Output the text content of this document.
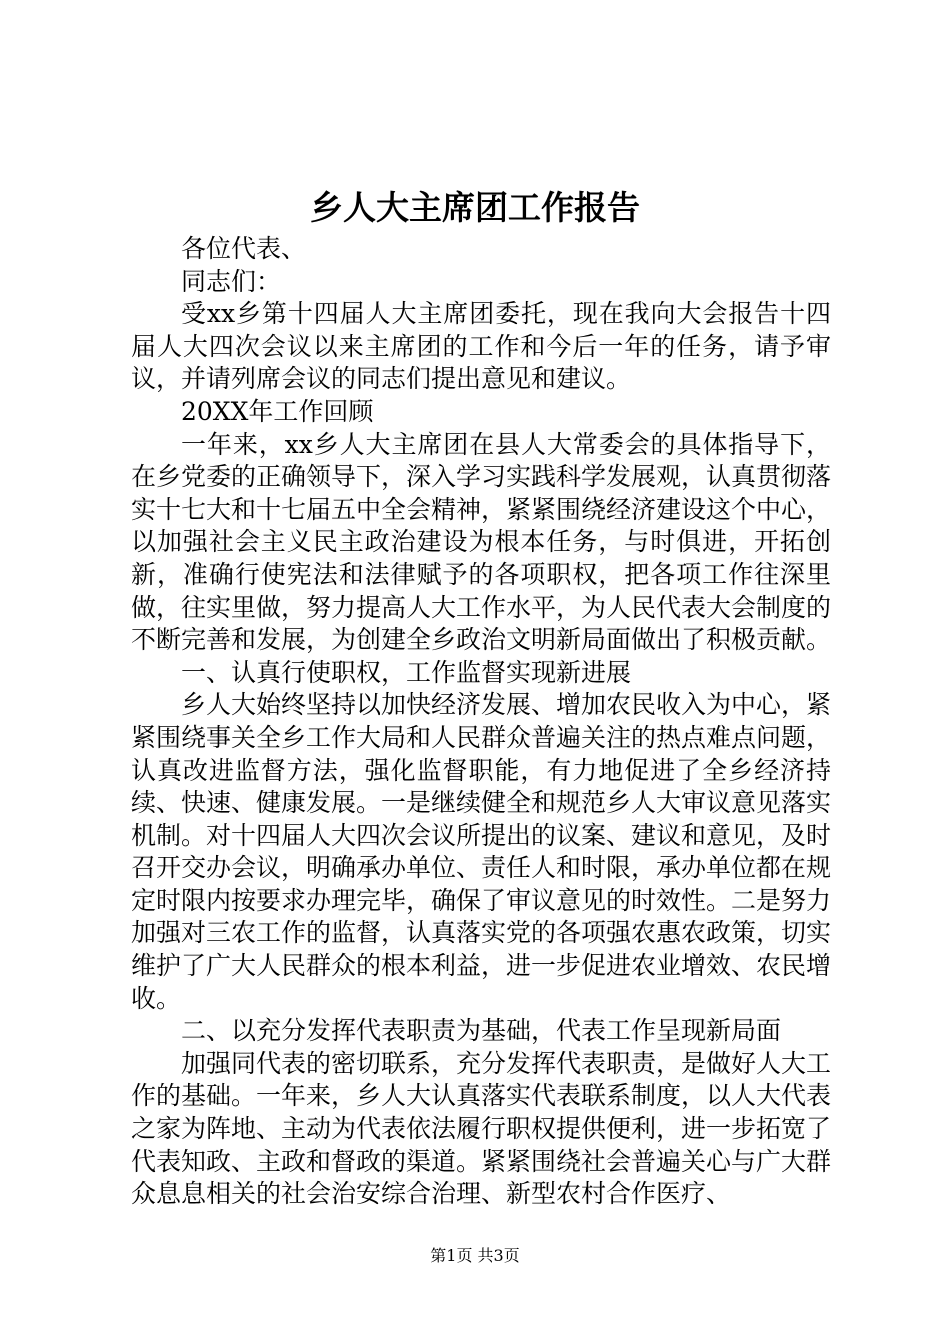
乡人大主席团工作报告

各位代表、

同志们：

受xx乡第十四届人大主席团委托，现在我向大会报告十四届人大四次会议以来主席团的工作和今后一年的任务，请予审议，并请列席会议的同志们提出意见和建议。

20XX年工作回顾

一年来，xx乡人大主席团在县人大常委会的具体指导下，在乡党委的正确领导下，深入学习实践科学发展观，认真贯彻落实十七大和十七届五中全会精神，紧紧围绕经济建设这个中心，以加强社会主义民主政治建设为根本任务，与时俱进，开拓创新，准确行使宪法和法律赋予的各项职权，把各项工作往深里做，往实里做，努力提高人大工作水平，为人民代表大会制度的不断完善和发展，为创建全乡政治文明新局面做出了积极贡献。

一、认真行使职权，工作监督实现新进展

乡人大始终坚持以加快经济发展、增加农民收入为中心，紧紧围绕事关全乡工作大局和人民群众普遍关注的热点难点问题，认真改进监督方法，强化监督职能，有力地促进了全乡经济持续、快速、健康发展。一是继续健全和规范乡人大审议意见落实机制。对十四届人大四次会议所提出的议案、建议和意见，及时召开交办会议，明确承办单位、责任人和时限，承办单位都在规定时限内按要求办理完毕，确保了审议意见的时效性。二是努力加强对三农工作的监督，认真落实党的各项强农惠农政策，切实维护了广大人民群众的根本利益，进一步促进农业增效、农民增收。

二、以充分发挥代表职责为基础，代表工作呈现新局面

加强同代表的密切联系，充分发挥代表职责，是做好人大工作的基础。一年来，乡人大认真落实代表联系制度，以人大代表之家为阵地、主动为代表依法履行职权提供便利，进一步拓宽了代表知政、主政和督政的渠道。紧紧围绕社会普遍关心与广大群众息息相关的社会治安综合治理、新型农村合作医疗、

第1页 共3页
